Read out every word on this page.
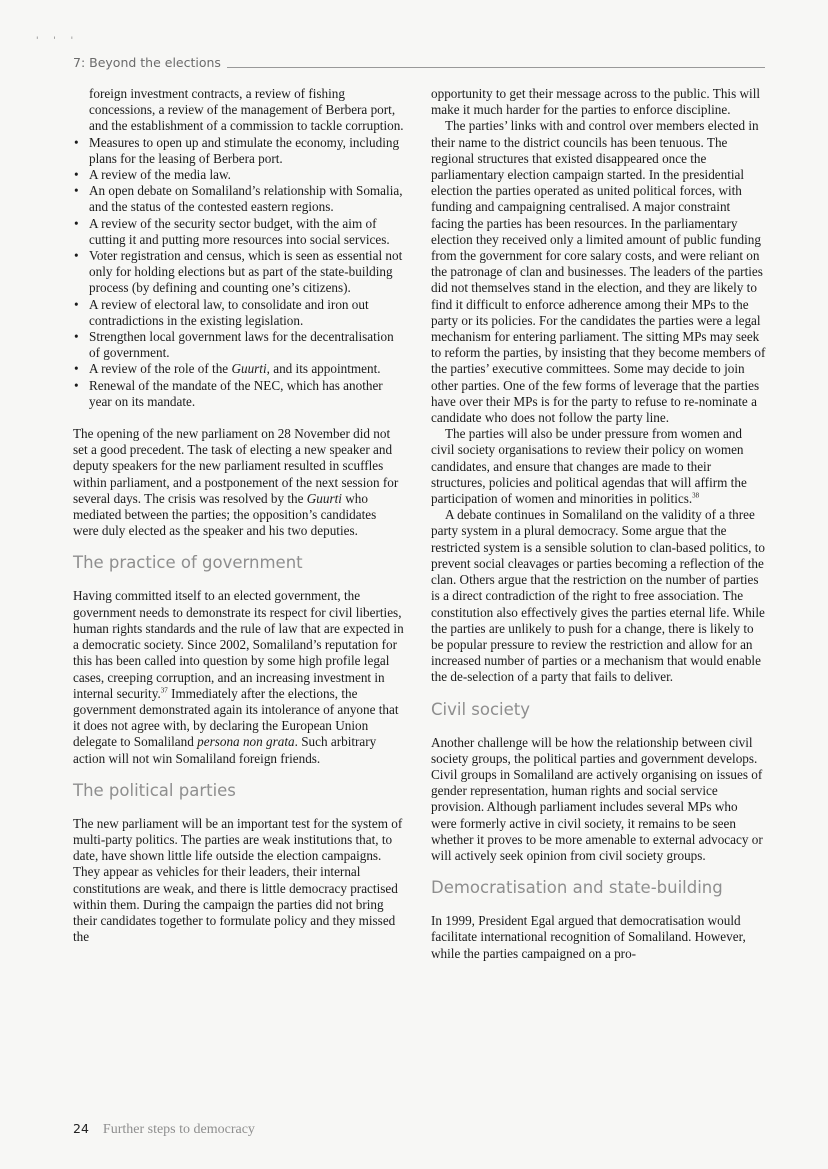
' ' '
7: Beyond the elections

foreign investment contracts, a review of fishing concessions, a review of the management of Berbera port, and the establishment of a commission to tackle corruption.

• Measures to open up and stimulate the economy, including plans for the leasing of Berbera port.
• A review of the media law.
• An open debate on Somaliland’s relationship with Somalia, and the status of the contested eastern regions.
• A review of the security sector budget, with the aim of cutting it and putting more resources into social services.
• Voter registration and census, which is seen as essential not only for holding elections but as part of the state-building process (by defining and counting one’s citizens).
• A review of electoral law, to consolidate and iron out contradictions in the existing legislation.
• Strengthen local government laws for the decentralisation of government.
• A review of the role of the Guurti, and its appointment.
• Renewal of the mandate of the NEC, which has another year on its mandate.

The opening of the new parliament on 28 November did not set a good precedent. The task of electing a new speaker and deputy speakers for the new parliament resulted in scuffles within parliament, and a postponement of the next session for several days. The crisis was resolved by the Guurti who mediated between the parties; the opposition’s candidates were duly elected as the speaker and his two deputies.

The practice of government

Having committed itself to an elected government, the government needs to demonstrate its respect for civil liberties, human rights standards and the rule of law that are expected in a democratic society. Since 2002, Somaliland’s reputation for this has been called into question by some high profile legal cases, creeping corruption, and an increasing investment in internal security.$^{37}$ Immediately after the elections, the government demonstrated again its intolerance of anyone that it does not agree with, by declaring the European Union delegate to Somaliland persona non grata. Such arbitrary action will not win Somaliland foreign friends.

The political parties

The new parliament will be an important test for the system of multi-party politics. The parties are weak institutions that, to date, have shown little life outside the election campaigns. They appear as vehicles for their leaders, their internal constitutions are weak, and there is little democracy practised within them. During the campaign the parties did not bring their candidates together to formulate policy and they missed the

opportunity to get their message across to the public. This will make it much harder for the parties to enforce discipline.

The parties’ links with and control over members elected in their name to the district councils has been tenuous. The regional structures that existed disappeared once the parliamentary election campaign started. In the presidential election the parties operated as united political forces, with funding and campaigning centralised. A major constraint facing the parties has been resources. In the parliamentary election they received only a limited amount of public funding from the government for core salary costs, and were reliant on the patronage of clan and businesses. The leaders of the parties did not themselves stand in the election, and they are likely to find it difficult to enforce adherence among their MPs to the party or its policies. For the candidates the parties were a legal mechanism for entering parliament. The sitting MPs may seek to reform the parties, by insisting that they become members of the parties’ executive committees. Some may decide to join other parties. One of the few forms of leverage that the parties have over their MPs is for the party to refuse to re-nominate a candidate who does not follow the party line.

The parties will also be under pressure from women and civil society organisations to review their policy on women candidates, and ensure that changes are made to their structures, policies and political agendas that will affirm the participation of women and minorities in politics.$^{38}$

A debate continues in Somaliland on the validity of a three party system in a plural democracy. Some argue that the restricted system is a sensible solution to clan-based politics, to prevent social cleavages or parties becoming a reflection of the clan. Others argue that the restriction on the number of parties is a direct contradiction of the right to free association. The constitution also effectively gives the parties eternal life. While the parties are unlikely to push for a change, there is likely to be popular pressure to review the restriction and allow for an increased number of parties or a mechanism that would enable the de-selection of a party that fails to deliver.

Civil society

Another challenge will be how the relationship between civil society groups, the political parties and government develops. Civil groups in Somaliland are actively organising on issues of gender representation, human rights and social service provision. Although parliament includes several MPs who were formerly active in civil society, it remains to be seen whether it proves to be more amenable to external advocacy or will actively seek opinion from civil society groups.

Democratisation and state-building

In 1999, President Egal argued that democratisation would facilitate international recognition of Somaliland. However, while the parties campaigned on a pro-

24 Further steps to democracy
